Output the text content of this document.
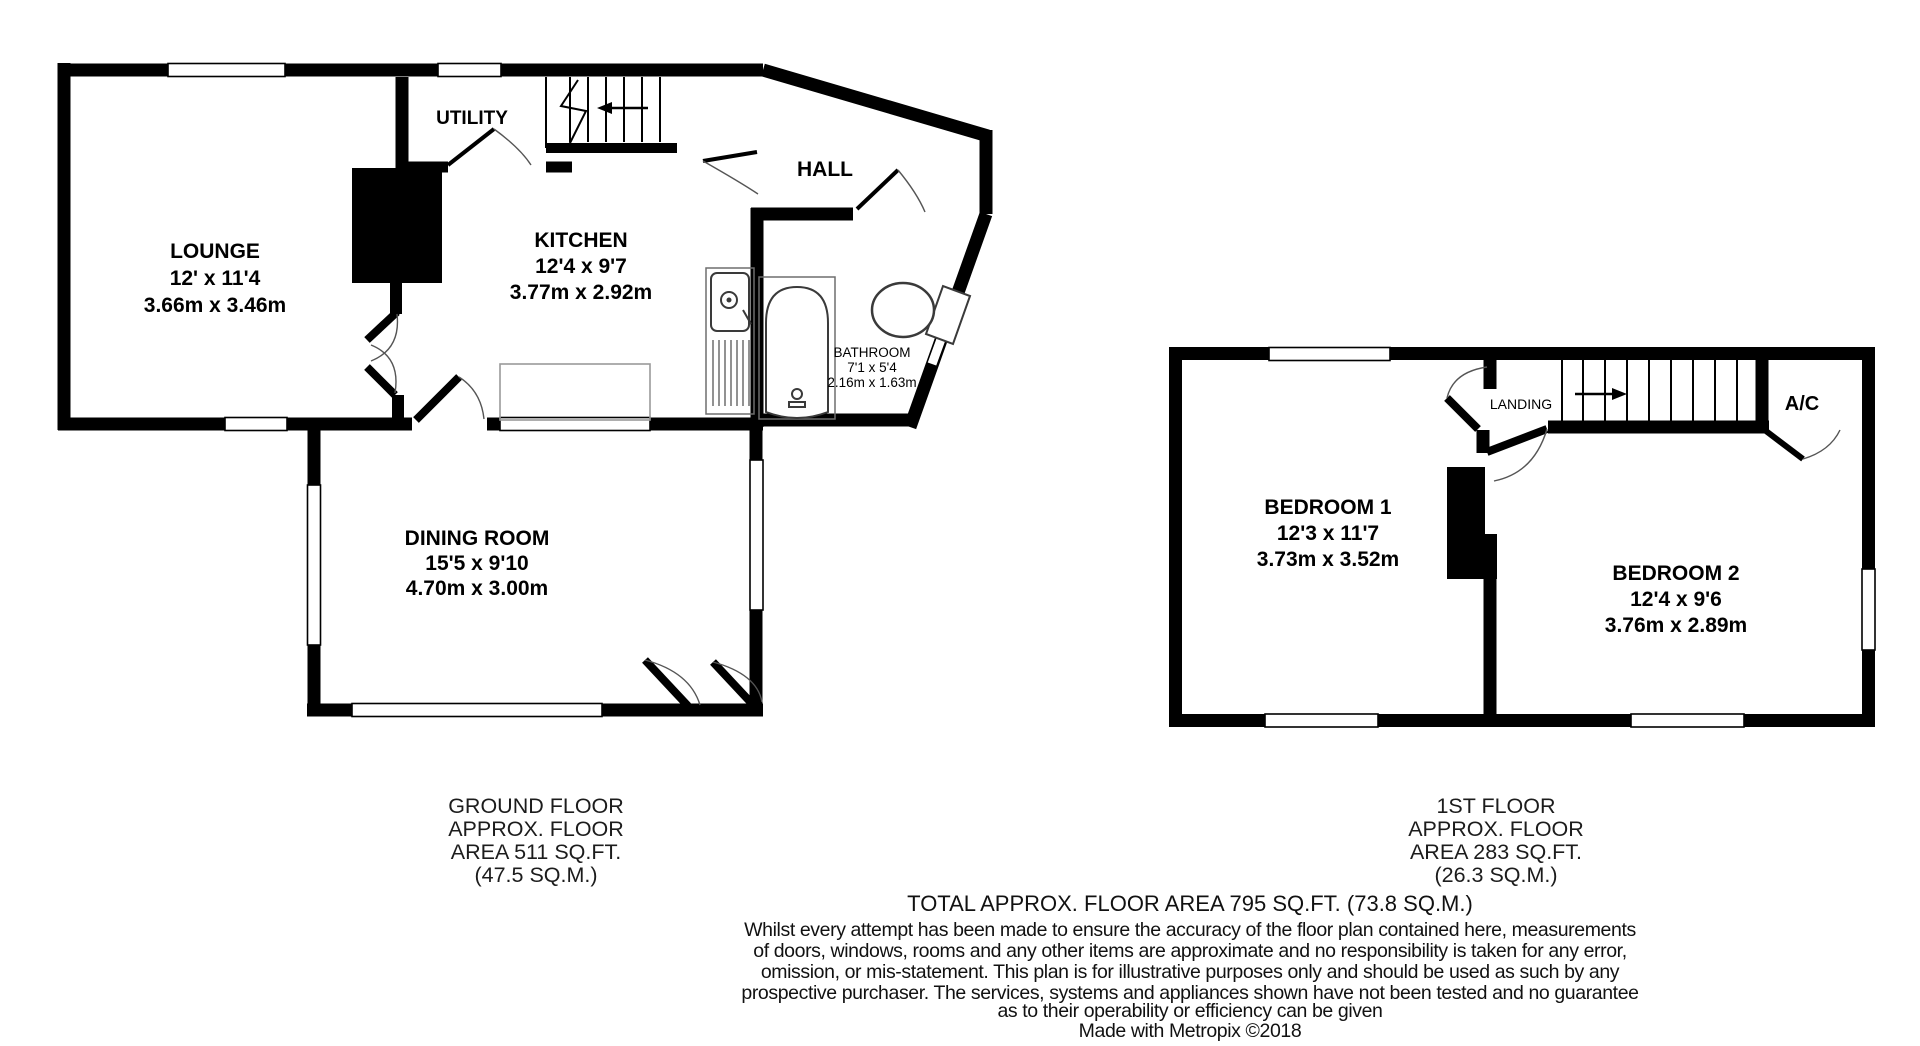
LOUNGE
12' x 11'4
3.66m x 3.46m
UTILITY
KITCHEN
12'4 x 9'7
3.77m x 2.92m
HALL
BATHROOM
7'1 x 5'4
2.16m x 1.63m
DINING ROOM
15'5 x 9'10
4.70m x 3.00m
BEDROOM 1
12'3 x 11'7
3.73m x 3.52m
BEDROOM 2
12'4 x 9'6
3.76m x 2.89m
LANDING	A/C
GROUND FLOOR
APPROX. FLOOR
AREA 511 SQ.FT.
(47.5 SQ.M.)
1ST FLOOR
APPROX. FLOOR
AREA 283 SQ.FT.
(26.3 SQ.M.)
TOTAL APPROX. FLOOR AREA 795 SQ.FT. (73.8 SQ.M.)
Whilst every attempt has been made to ensure the accuracy of the floor plan contained here, measurements
of doors, windows, rooms and any other items are approximate and no responsibility is taken for any error,
omission, or mis-statement. This plan is for illustrative purposes only and should be used as such by any
prospective purchaser. The services, systems and appliances shown have not been tested and no guarantee
as to their operability or efficiency can be given
Made with Metropix ©2018
